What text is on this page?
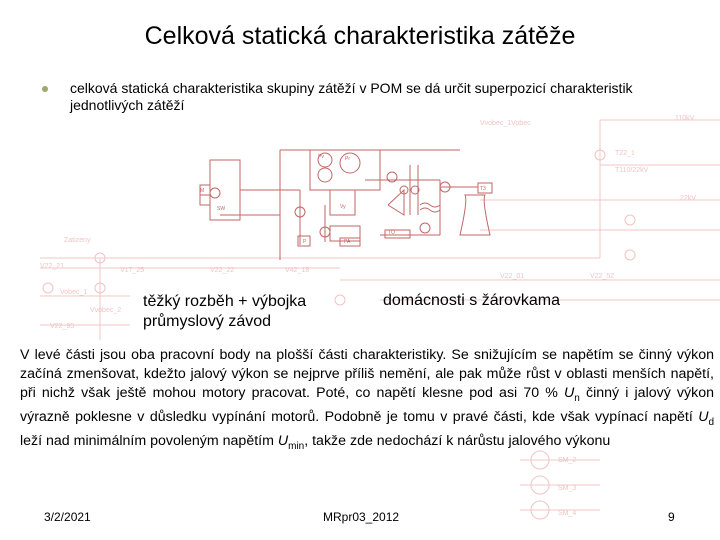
V22_21
V17_25	V22_22	V42_18
Vobec_1
Vvobec_2
V22_95
V22_01	V22_52
T22_1
T110/22kV
110kV
22kV
Zatizeny
SM_2
SM_3
SM_4
Vvobec_1Vobec
Pv	Pr
M
SW	Vy
T3
TO
P	PA
Celková statická charakteristika zátěže
celková statická charakteristika skupiny zátěží v POM se dá určit superpozicí charakteristik jednotlivých zátěží
těžký rozběh + výbojka
průmyslový závod
domácnosti s žárovkama
V levé části jsou oba pracovní body na plošší části charakteristiky. Se snižujícím se napětím se činný výkon začíná zmenšovat, kdežto jalový výkon se nejprve příliš nemění, ale pak může růst v oblasti menších napětí, při nichž však ještě mohou motory pracovat. Poté, co napětí klesne pod asi 70 % $U_n$ činný i jalový výkon výrazně poklesne v důsledku vypínání motorů. Podobně je tomu v pravé části, kde však vypínací napětí $U_d$ leží nad minimálním povoleným napětím $U_{min}$, takže zde nedochází k nárůstu jalového výkonu
3/2/2021	MRpr03_2012	9
